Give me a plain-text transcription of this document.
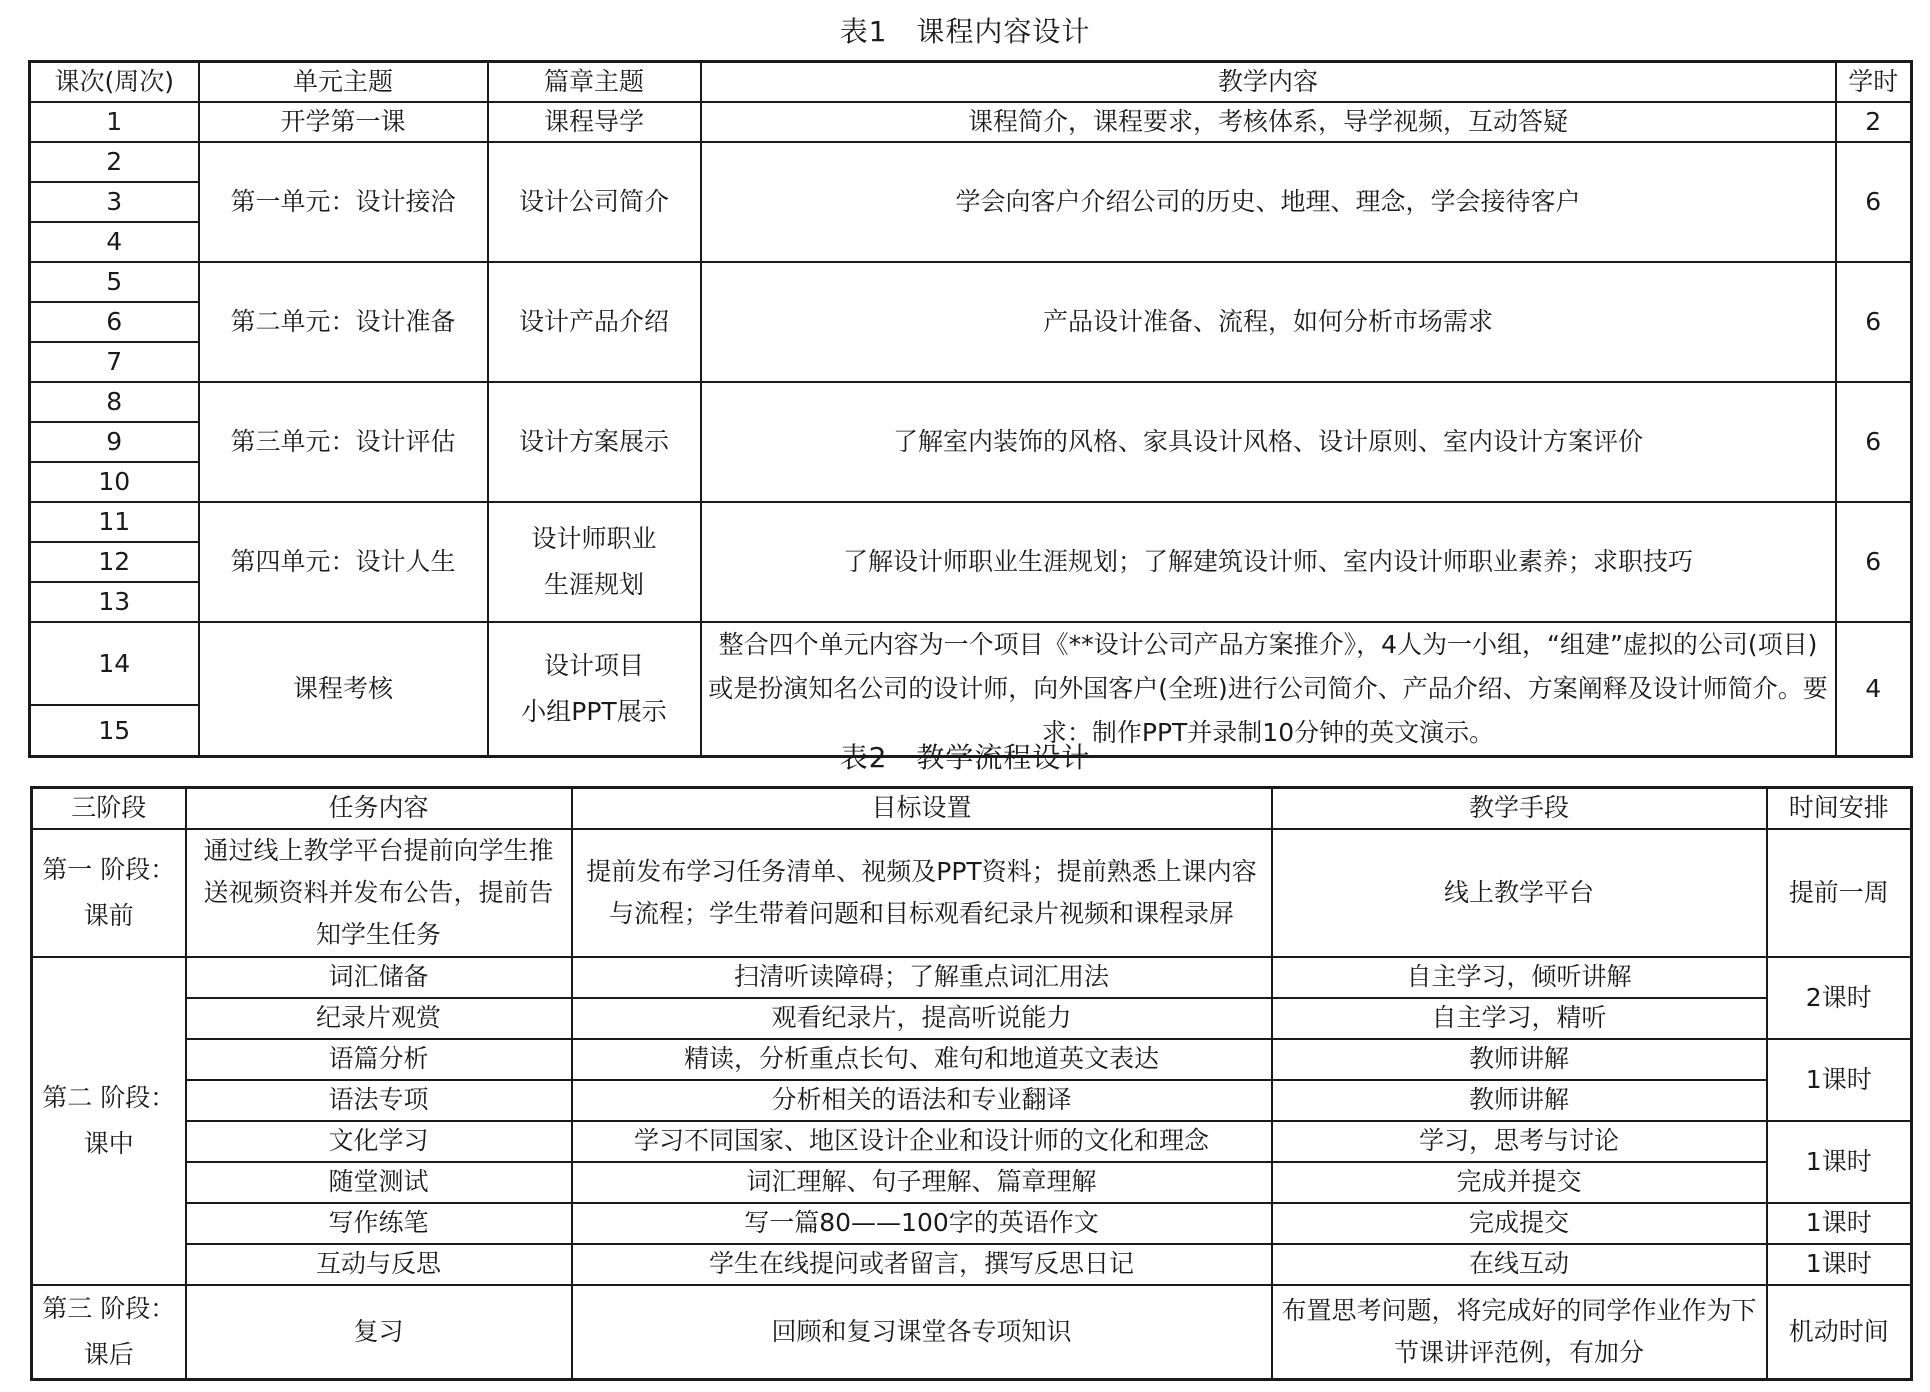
表1　课程内容设计
课次(周次)	单元主题	篇章主题	教学内容	学时
1	开学第一课	课程导学	课程简介，课程要求，考核体系，导学视频，互动答疑	2
2	第一单元：设计接洽	设计公司简介	学会向客户介绍公司的历史、地理、理念，学会接待客户	6
3				
4				
5	第二单元：设计准备	设计产品介绍	产品设计准备、流程，如何分析市场需求	6
6				
7				
8	第三单元：设计评估	设计方案展示	了解室内装饰的风格、家具设计风格、设计原则、室内设计方案评价	6
9				
10				
11	第四单元：设计人生	设计师职业
生涯规划	了解设计师职业生涯规划；了解建筑设计师、室内设计师职业素养；求职技巧	6
12				
13				
14	课程考核	设计项目
小组PPT展示	整合四个单元内容为一个项目《**设计公司产品方案推介》，4人为一小组，“组建”虚拟的公司(项目)或是扮演知名公司的设计师，向外国客户(全班)进行公司简介、产品介绍、方案阐释及设计师简介。要求：制作PPT并录制10分钟的英文演示。	4
15				
表2　教学流程设计
三阶段	任务内容	目标设置	教学手段	时间安排
第一 阶段：课前	通过线上教学平台提前向学生推送视频资料并发布公告，提前告知学生任务	提前发布学习任务清单、视频及PPT资料；提前熟悉上课内容与流程；学生带着问题和目标观看纪录片视频和课程录屏	线上教学平台	提前一周
第二 阶段：课中	词汇储备	扫清听读障碍；了解重点词汇用法	自主学习，倾听讲解	2课时
	纪录片观赏	观看纪录片，提高听说能力	自主学习，精听	
	语篇分析	精读，分析重点长句、难句和地道英文表达	教师讲解	1课时
	语法专项	分析相关的语法和专业翻译	教师讲解	
	文化学习	学习不同国家、地区设计企业和设计师的文化和理念	学习，思考与讨论	1课时
	随堂测试	词汇理解、句子理解、篇章理解	完成并提交	
	写作练笔	写一篇80——100字的英语作文	完成提交	1课时
	互动与反思	学生在线提问或者留言，撰写反思日记	在线互动	1课时
第三 阶段：课后	复习	回顾和复习课堂各专项知识	布置思考问题，将完成好的同学作业作为下节课讲评范例，有加分	机动时间
